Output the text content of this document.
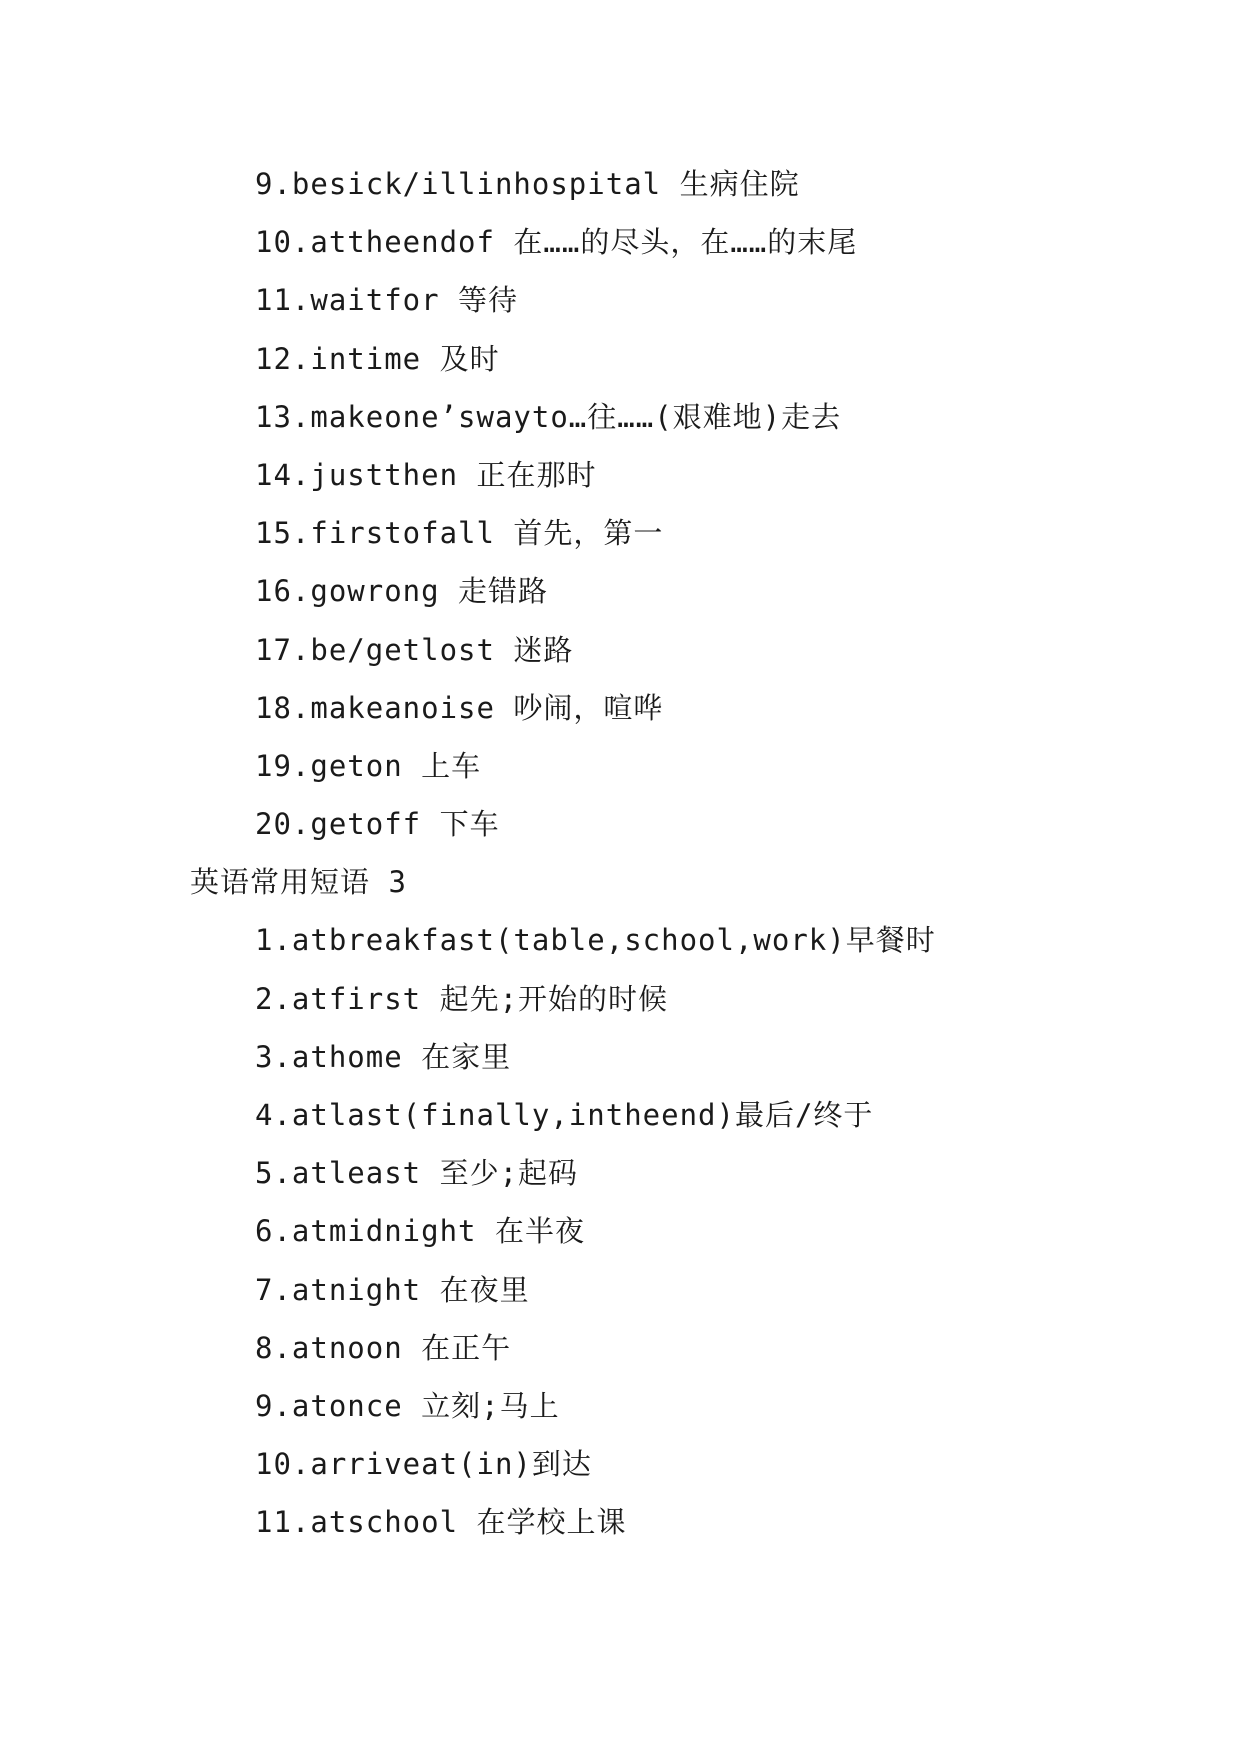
9.besick/illinhospital 生病住院
10.attheendof 在……的尽头，在……的末尾
11.waitfor 等待
12.intime 及时
13.makeone’swayto…往……(艰难地)走去
14.justthen 正在那时
15.firstofall 首先，第一
16.gowrong 走错路
17.be/getlost 迷路
18.makeanoise 吵闹，喧哗
19.geton 上车
20.getoff 下车
英语常用短语 3
1.atbreakfast(table,school,work)早餐时
2.atfirst 起先;开始的时候
3.athome 在家里
4.atlast(finally,intheend)最后/终于
5.atleast 至少;起码
6.atmidnight 在半夜
7.atnight 在夜里
8.atnoon 在正午
9.atonce 立刻;马上
10.arriveat(in)到达
11.atschool 在学校上课
